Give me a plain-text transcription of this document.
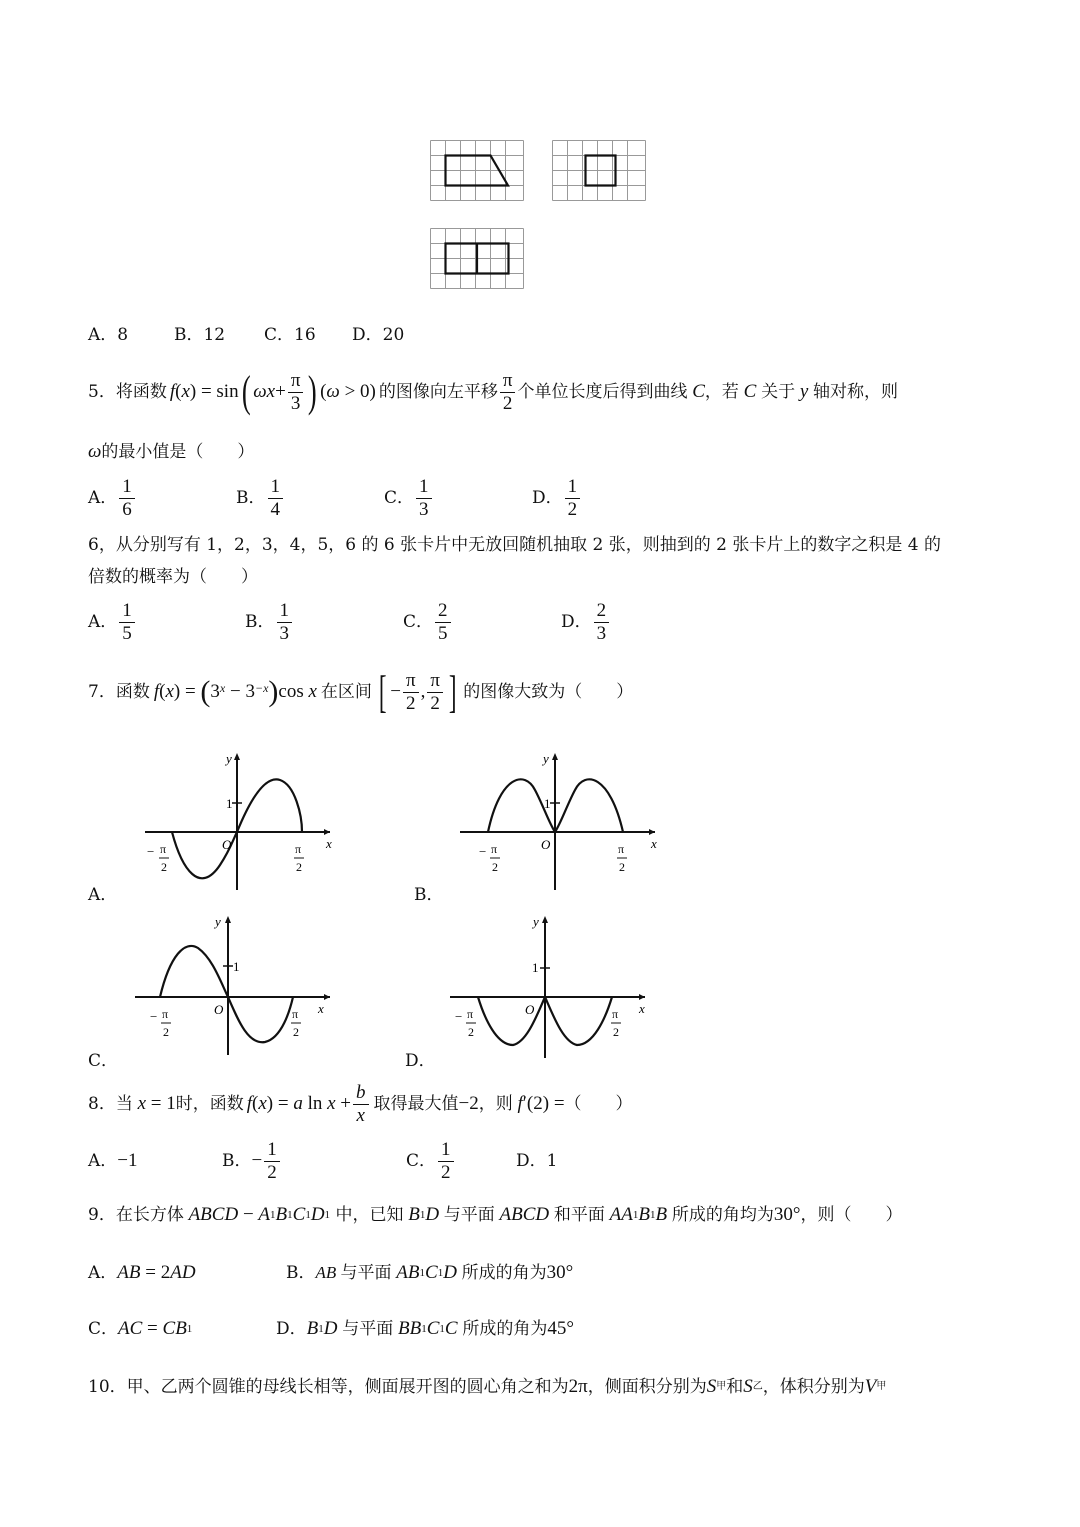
A．8	B．12	C．16	D．20
5． 将函数 f ( x ) = sin ( $\omega x + \frac{\pi}{3}$ ) ( ω > 0) 的图像向左平移 $\frac{\pi}{2}$ 个单位长度后得到曲线 C ，若 C 关于 y 轴对称，则
ω 的最小值是（　　）
A． $\frac{1}{6}$	B． $\frac{1}{4}$	C． $\frac{1}{3}$	D． $\frac{1}{2}$
6，从分别写有 1，2，3，4，5，6 的 6 张卡片中无放回随机抽取 2 张，则抽到的 2 张卡片上的数字之积是 4 的
倍数的概率为（　　）
A． $\frac{1}{5}$	B． $\frac{1}{3}$	C． $\frac{2}{5}$	D． $\frac{2}{3}$
7． 函数 f ( x ) = ( $3^x - 3^{-x}$ ) cos x 在区间 [ − $\frac{\pi}{2}$ , $\frac{\pi}{2}$ ] 的图像大致为（　　）
1
y
x
O
− π
2
π
2
A．
1
y
x
O
− π
2
π
2
B．
1
y
x
O
− π
2
π
2
C．
1
y
x
O
− π
2
π
2
D．
8．当 x = 1 时，函数 f ( x ) = a $\ln x + \frac{b}{x}$ 取得最大值 −2 ，则 f ′(2) = （　　）
A． −1	B． − $\frac{1}{2}$	C． $\frac{1}{2}$	D．1
9．在长方体 ABCD − A 1 B 1 C 1 D 1
中，已知 B 1 D 与平面 ABCD 和平面 AA 1 B 1 B 所成的角均为 30° ，则（　　）
A． AB = 2 AD	B． AB 与平面 AB 1 C 1 D 所成的角为 30°
C． AC = CB 1	D． B 1 D 与平面 BB 1 C 1 C 所成的角为 45°
10．甲、乙两个圆锥的母线长相等，侧面展开图的圆心角之和为 2π ，侧面积分别为 S 甲 和 S 乙 ，体积分别为 V 甲
